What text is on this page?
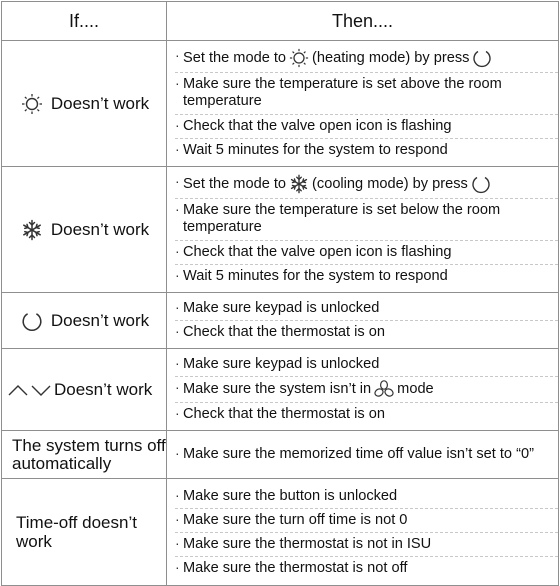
If....	Then....

Doesn’t work	· Set the mode to (heating mode) by press
· Make sure the temperature is set above the room temperature
· Check that the valve open icon is flashing
· Wait 5 minutes for the system to respond

Doesn’t work	· Set the mode to (cooling mode) by press
· Make sure the temperature is set below the room temperature
· Check that the valve open icon is flashing
· Wait 5 minutes for the system to respond

Doesn’t work	· Make sure keypad is unlocked
· Check that the thermostat is on

Doesn’t work	· Make sure keypad is unlocked
· Make sure the system isn’t in mode
· Check that the thermostat is on

The system turns off automatically	· Make sure the memorized time off value isn’t set to “0”

Time-off doesn’t work	· Make sure the button is unlocked
· Make sure the turn off time is not 0
· Make sure the thermostat is not in ISU
· Make sure the thermostat is not off
